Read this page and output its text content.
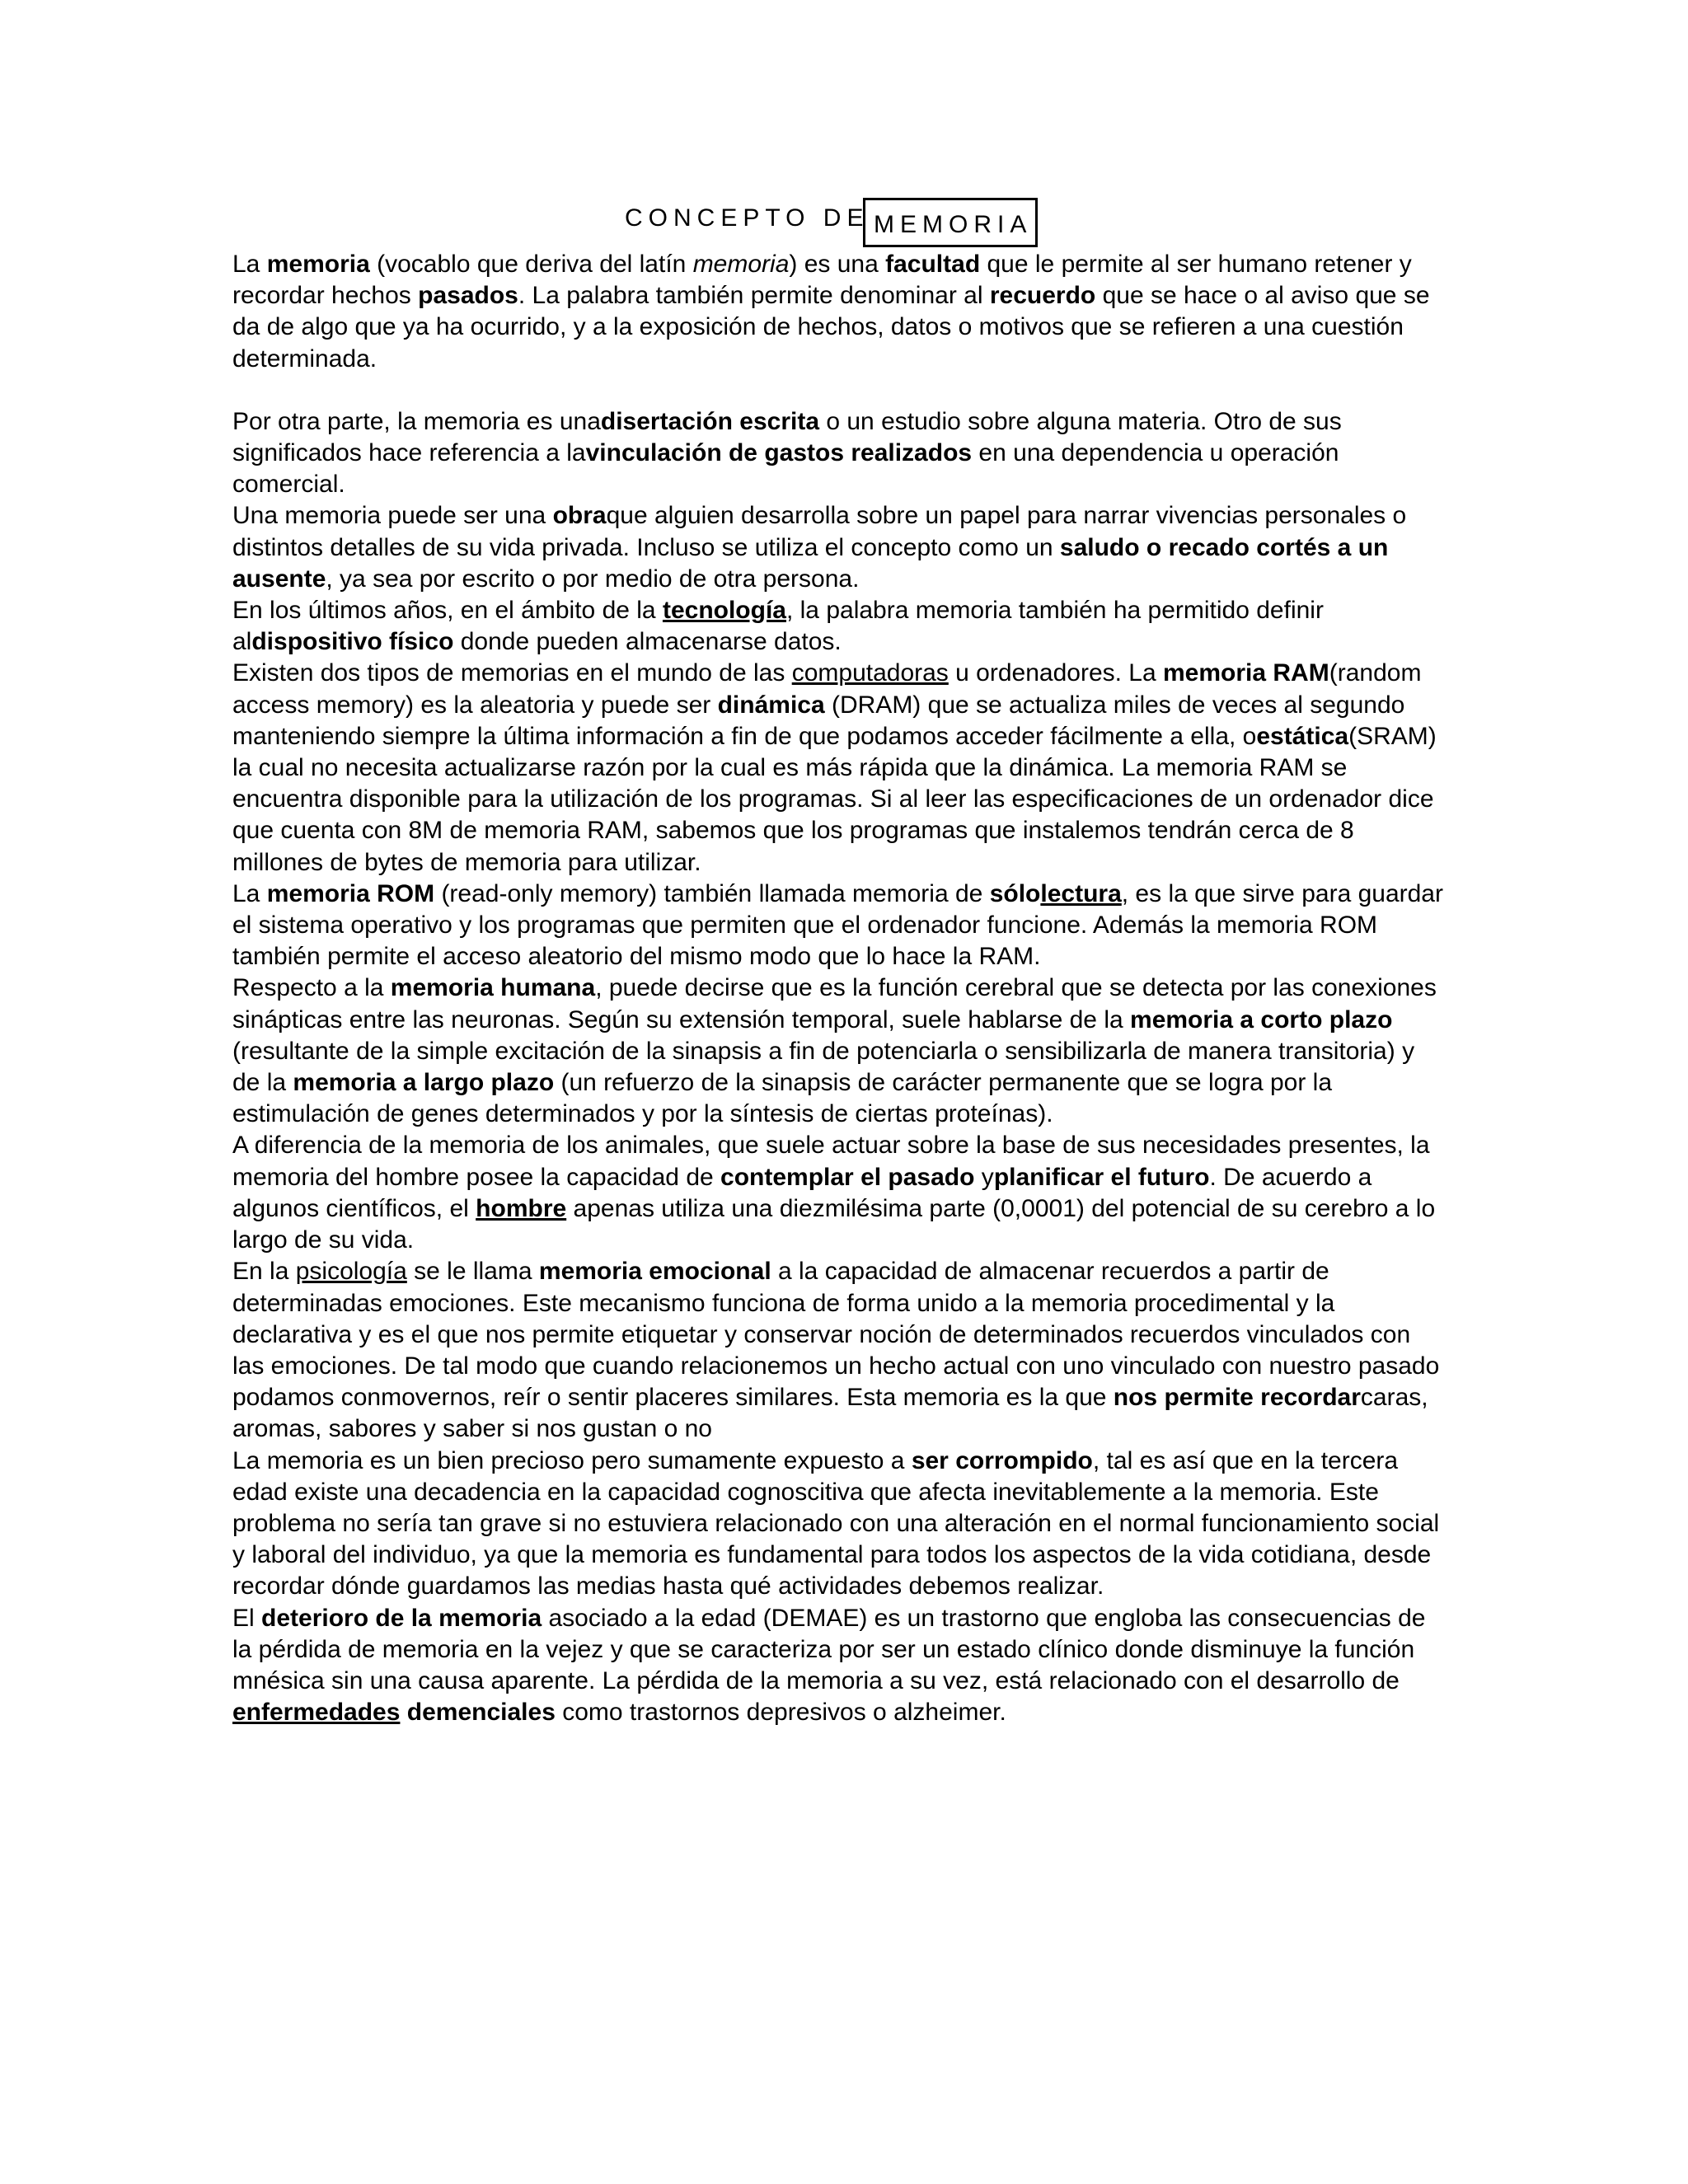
CONCEPTO DE MEMORIA

La memoria (vocablo que deriva del latín memoria) es una facultad que le permite al ser humano retener y recordar hechos pasados. La palabra también permite denominar al recuerdo que se hace o al aviso que se da de algo que ya ha ocurrido, y a la exposición de hechos, datos o motivos que se refieren a una cuestión determinada.

Por otra parte, la memoria es unadisertación escrita o un estudio sobre alguna materia. Otro de sus significados hace referencia a lavinculación de gastos realizados en una dependencia u operación comercial.

Una memoria puede ser una obraque alguien desarrolla sobre un papel para narrar vivencias personales o distintos detalles de su vida privada. Incluso se utiliza el concepto como un saludo o recado cortés a un ausente, ya sea por escrito o por medio de otra persona.

En los últimos años, en el ámbito de la tecnología, la palabra memoria también ha permitido definir aldispositivo físico donde pueden almacenarse datos.

Existen dos tipos de memorias en el mundo de las computadoras u ordenadores. La memoria RAM(random access memory) es la aleatoria y puede ser dinámica (DRAM) que se actualiza miles de veces al segundo manteniendo siempre la última información a fin de que podamos acceder fácilmente a ella, oestática(SRAM) la cual no necesita actualizarse razón por la cual es más rápida que la dinámica. La memoria RAM se encuentra disponible para la utilización de los programas. Si al leer las especificaciones de un ordenador dice que cuenta con 8M de memoria RAM, sabemos que los programas que instalemos tendrán cerca de 8 millones de bytes de memoria para utilizar.

La memoria ROM (read-only memory) también llamada memoria de sólolectura, es la que sirve para guardar el sistema operativo y los programas que permiten que el ordenador funcione. Además la memoria ROM también permite el acceso aleatorio del mismo modo que lo hace la RAM.

Respecto a la memoria humana, puede decirse que es la función cerebral que se detecta por las conexiones sinápticas entre las neuronas. Según su extensión temporal, suele hablarse de la memoria a corto plazo (resultante de la simple excitación de la sinapsis a fin de potenciarla o sensibilizarla de manera transitoria) y de la memoria a largo plazo (un refuerzo de la sinapsis de carácter permanente que se logra por la estimulación de genes determinados y por la síntesis de ciertas proteínas).

A diferencia de la memoria de los animales, que suele actuar sobre la base de sus necesidades presentes, la memoria del hombre posee la capacidad de contemplar el pasado yplanificar el futuro. De acuerdo a algunos científicos, el hombre apenas utiliza una diezmilésima parte (0,0001) del potencial de su cerebro a lo largo de su vida.

En la psicología se le llama memoria emocional a la capacidad de almacenar recuerdos a partir de determinadas emociones. Este mecanismo funciona de forma unido a la memoria procedimental y la declarativa y es el que nos permite etiquetar y conservar noción de determinados recuerdos vinculados con las emociones. De tal modo que cuando relacionemos un hecho actual con uno vinculado con nuestro pasado podamos conmovernos, reír o sentir placeres similares. Esta memoria es la que nos permite recordarcaras, aromas, sabores y saber si nos gustan o no

La memoria es un bien precioso pero sumamente expuesto a ser corrompido, tal es así que en la tercera edad existe una decadencia en la capacidad cognoscitiva que afecta inevitablemente a la memoria. Este problema no sería tan grave si no estuviera relacionado con una alteración en el normal funcionamiento social y laboral del individuo, ya que la memoria es fundamental para todos los aspectos de la vida cotidiana, desde recordar dónde guardamos las medias hasta qué actividades debemos realizar.

El deterioro de la memoria asociado a la edad (DEMAE) es un trastorno que engloba las consecuencias de la pérdida de memoria en la vejez y que se caracteriza por ser un estado clínico donde disminuye la función mnésica sin una causa aparente. La pérdida de la memoria a su vez, está relacionado con el desarrollo de enfermedades demenciales como trastornos depresivos o alzheimer.
